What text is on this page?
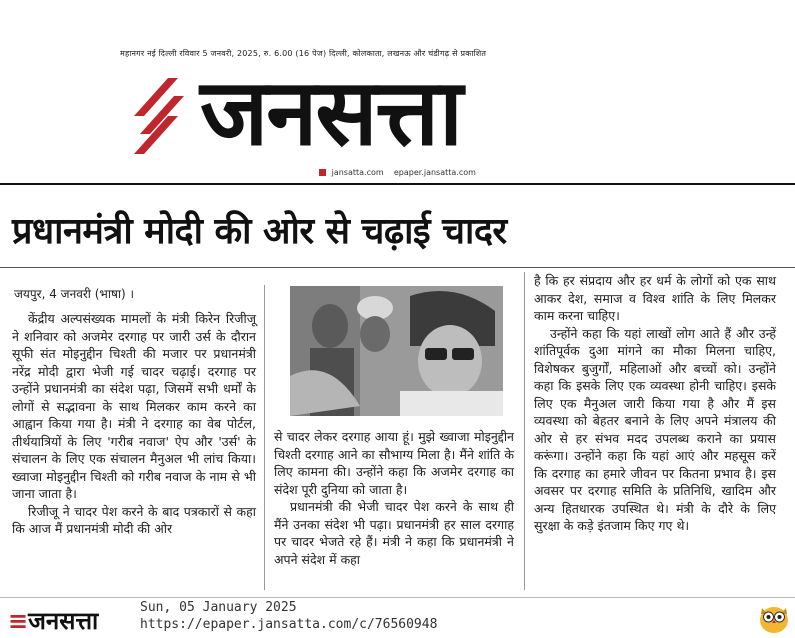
महानगर नई दिल्ली रविवार 5 जनवरी, 2025, रु. 6.00 (16 पेज) दिल्ली, कोलकाता, लखनऊ और चंडीगढ़ से प्रकाशित
जनसत्ता
jansatta.com epaper.jansatta.com
प्रधानमंत्री मोदी की ओर से चढ़ाई चादर
जयपुर, 4 जनवरी (भाषा) ।

केंद्रीय अल्पसंख्यक मामलों के मंत्री किरेन रिजीजू ने शनिवार को अजमेर दरगाह पर जारी उर्स के दौरान सूफी संत मोइनुद्दीन चिश्ती की मजार पर प्रधानमंत्री नरेंद्र मोदी द्वारा भेजी गई चादर चढ़ाई। दरगाह पर उन्होंने प्रधानमंत्री का संदेश पढ़ा, जिसमें सभी धर्मों के लोगों से सद्भावना के साथ मिलकर काम करने का आह्वान किया गया है। मंत्री ने दरगाह का वेब पोर्टल, तीर्थयात्रियों के लिए 'गरीब नवाज' ऐप और 'उर्स' के संचालन के लिए एक संचालन मैनुअल भी लांच किया। ख्वाजा मोइनुद्दीन चिश्ती को गरीब नवाज के नाम से भी जाना जाता है।

रिजीजू ने चादर पेश करने के बाद पत्रकारों से कहा कि आज मैं प्रधानमंत्री मोदी की ओर

से चादर लेकर दरगाह आया हूं। मुझे ख्वाजा मोइनुद्दीन चिश्ती दरगाह आने का सौभाग्य मिला है। मैंने शांति के लिए कामना की। उन्होंने कहा कि अजमेर दरगाह का संदेश पूरी दुनिया को जाता है।

प्रधानमंत्री की भेजी चादर पेश करने के साथ ही मैंने उनका संदेश भी पढ़ा। प्रधानमंत्री हर साल दरगाह पर चादर भेजते रहे हैं। मंत्री ने कहा कि प्रधानमंत्री ने अपने संदेश में कहा

है कि हर संप्रदाय और हर धर्म के लोगों को एक साथ आकर देश, समाज व विश्व शांति के लिए मिलकर काम करना चाहिए।

उन्होंने कहा कि यहां लाखों लोग आते हैं और उन्हें शांतिपूर्वक दुआ मांगने का मौका मिलना चाहिए, विशेषकर बुजुर्गों, महिलाओं और बच्चों को। उन्होंने कहा कि इसके लिए एक व्यवस्था होनी चाहिए। इसके लिए एक मैनुअल जारी किया गया है और मैं इस व्यवस्था को बेहतर बनाने के लिए अपने मंत्रालय की ओर से हर संभव मदद उपलब्ध कराने का प्रयास करूंगा। उन्होंने कहा कि यहां आएं और महसूस करें कि दरगाह का हमारे जीवन पर कितना प्रभाव है। इस अवसर पर दरगाह समिति के प्रतिनिधि, खादिम और अन्य हितधारक उपस्थित थे। मंत्री के दौरे के लिए सुरक्षा के कड़े इंतजाम किए गए थे।

≡जनसत्ता	Sun, 05 January 2025
https://epaper.jansatta.com/c/76560948
